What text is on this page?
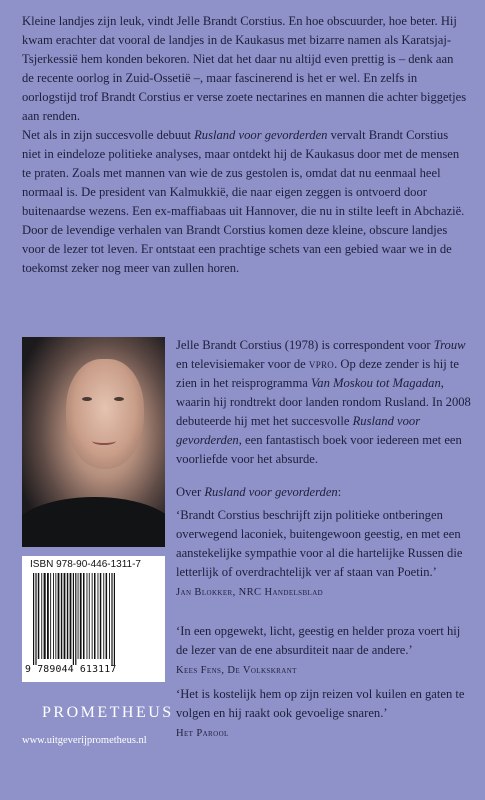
Kleine landjes zijn leuk, vindt Jelle Brandt Corstius. En hoe obscuurder, hoe beter. Hij kwam erachter dat vooral de landjes in de Kaukasus met bizarre namen als Karatsjaj-Tsjerkessië hem konden bekoren. Niet dat het daar nu altijd even prettig is – denk aan de recente oorlog in Zuid-Ossetië –, maar fascinerend is het er wel. En zelfs in oorlogstijd trof Brandt Corstius er verse zoete nectarines en mannen die achter biggetjes aan renden.

Net als in zijn succesvolle debuut Rusland voor gevorderden vervalt Brandt Corstius niet in eindeloze politieke analyses, maar ontdekt hij de Kaukasus door met de mensen te praten. Zoals met mannen van wie de zus gestolen is, omdat dat nu eenmaal heel normaal is. De president van Kalmukkië, die naar eigen zeggen is ontvoerd door buitenaardse wezens. Een ex-maffiabaas uit Hannover, die nu in stilte leeft in Abchazië.

Door de levendige verhalen van Brandt Corstius komen deze kleine, obscure landjes voor de lezer tot leven. Er ontstaat een prachtige schets van een gebied waar we in de toekomst zeker nog meer van zullen horen.

Jelle Brandt Corstius (1978) is correspondent voor Trouw en televisiemaker voor de vpro. Op deze zender is hij te zien in het reisprogramma Van Moskou tot Magadan, waarin hij rondtrekt door landen rondom Rusland. In 2008 debuteerde hij met het succesvolle Rusland voor gevorderden, een fantastisch boek voor iedereen met een voorliefde voor het absurde.

Over Rusland voor gevorderden:

‘Brandt Corstius beschrijft zijn politieke ontberingen overwegend laconiek, buitengewoon geestig, en met een aanstekelijke sympathie voor al die hartelijke Russen die letterlijk of overdrachtelijk ver af staan van Poetin.’

Jan Blokker, NRC Handelsblad

‘In een opgewekt, licht, geestig en helder proza voert hij de lezer van de ene absurditeit naar de andere.’

Kees Fens, De Volkskrant

‘Het is kostelijk hem op zijn reizen vol kuilen en gaten te volgen en hij raakt ook gevoelige snaren.’

Het Parool

ISBN 978-90-446-1311-7
9 789044 613117
PROMETHEUS
www.uitgeverijprometheus.nl
